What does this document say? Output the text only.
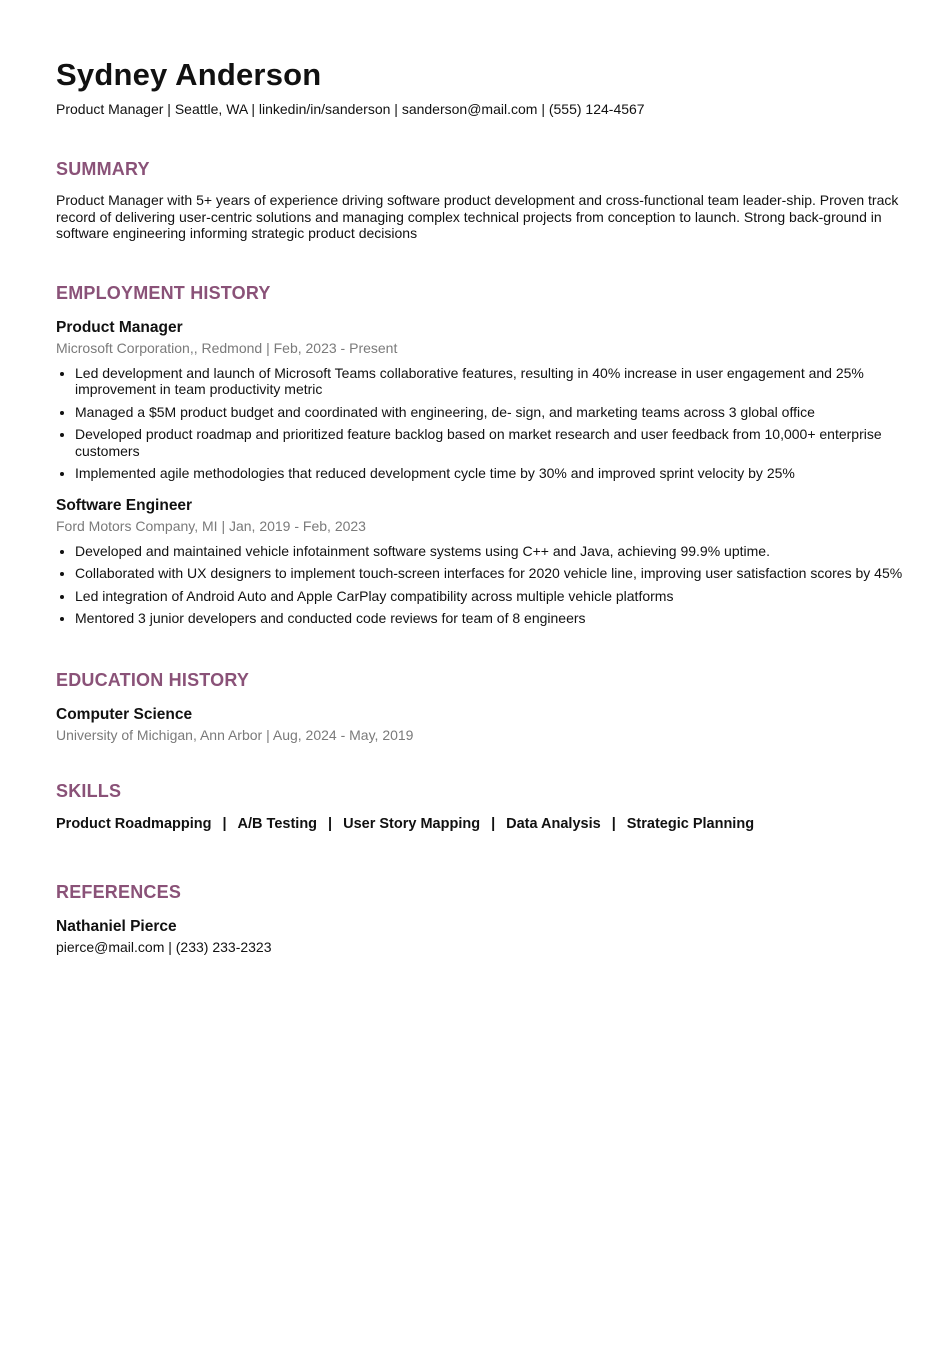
Sydney Anderson
Product Manager | Seattle, WA | linkedin/in/sanderson | sanderson@mail.com | (555) 124-4567
SUMMARY
Product Manager with 5+ years of experience driving software product development and cross-functional team leader-ship. Proven track record of delivering user-centric solutions and managing complex technical projects from conception to launch. Strong back-ground in software engineering informing strategic product decisions
EMPLOYMENT HISTORY
Product Manager
Microsoft Corporation,, Redmond | Feb, 2023 - Present
• Led development and launch of Microsoft Teams collaborative features, resulting in 40% increase in user engagement and 25% improvement in team productivity metric
• Managed a $5M product budget and coordinated with engineering, de- sign, and marketing teams across 3 global office
• Developed product roadmap and prioritized feature backlog based on market research and user feedback from 10,000+ enterprise customers
• Implemented agile methodologies that reduced development cycle time by 30% and improved sprint velocity by 25%
Software Engineer
Ford Motors Company, MI | Jan, 2019 - Feb, 2023
• Developed and maintained vehicle infotainment software systems using C++ and Java, achieving 99.9% uptime.
• Collaborated with UX designers to implement touch-screen interfaces for 2020 vehicle line, improving user satisfaction scores by 45%
• Led integration of Android Auto and Apple CarPlay compatibility across multiple vehicle platforms
• Mentored 3 junior developers and conducted code reviews for team of 8 engineers
EDUCATION HISTORY
Computer Science
University of Michigan, Ann Arbor | Aug, 2024 - May, 2019
SKILLS
Product Roadmapping | A/B Testing | User Story Mapping | Data Analysis | Strategic Planning
REFERENCES
Nathaniel Pierce
pierce@mail.com | (233) 233-2323
